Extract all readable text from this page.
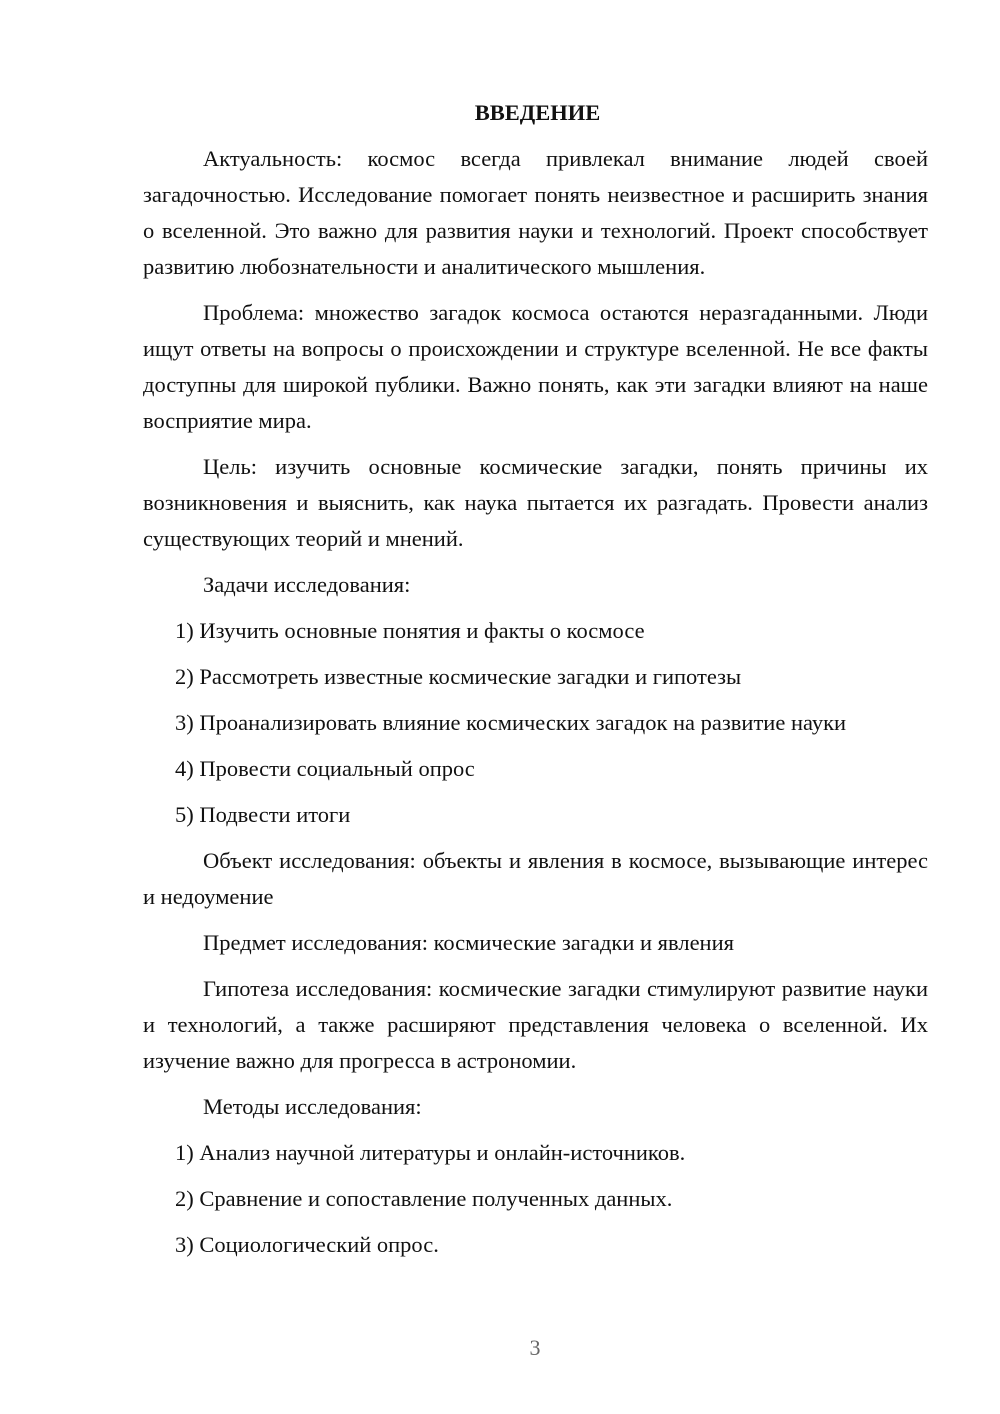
ВВЕДЕНИЕ

Актуальность: космос всегда привлекал внимание людей своей загадочностью. Исследование помогает понять неизвестное и расширить знания о вселенной. Это важно для развития науки и технологий. Проект способствует развитию любознательности и аналитического мышления.

Проблема: множество загадок космоса остаются неразгаданными. Люди ищут ответы на вопросы о происхождении и структуре вселенной. Не все факты доступны для широкой публики. Важно понять, как эти загадки влияют на наше восприятие мира.

Цель: изучить основные космические загадки, понять причины их возникновения и выяснить, как наука пытается их разгадать. Провести анализ существующих теорий и мнений.

Задачи исследования:

1) Изучить основные понятия и факты о космосе
2) Рассмотреть известные космические загадки и гипотезы
3) Проанализировать влияние космических загадок на развитие науки
4) Провести социальный опрос
5) Подвести итоги

Объект исследования: объекты и явления в космосе, вызывающие интерес и недоумение

Предмет исследования: космические загадки и явления

Гипотеза исследования: космические загадки стимулируют развитие науки и технологий, а также расширяют представления человека о вселенной. Их изучение важно для прогресса в астрономии.

Методы исследования:

1) Анализ научной литературы и онлайн-источников.
2) Сравнение и сопоставление полученных данных.
3) Социологический опрос.
3
